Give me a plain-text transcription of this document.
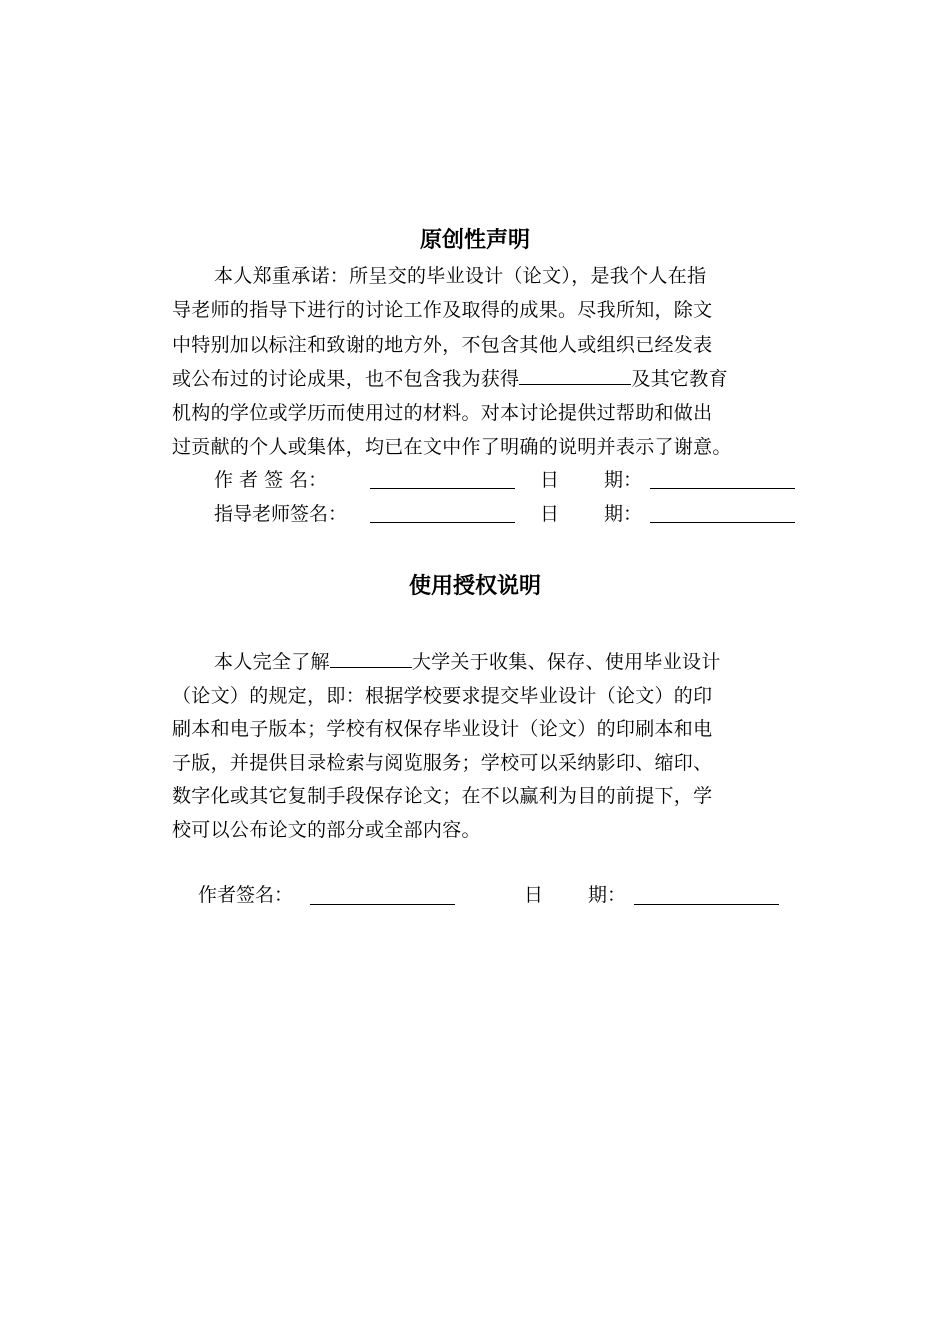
原创性声明

本人郑重承诺：所呈交的毕业设计（论文），是我个人在指

导老师的指导下进行的讨论工作及取得的成果。尽我所知，除文

中特别加以标注和致谢的地方外，不包含其他人或组织已经发表

或公布过的讨论成果，也不包含我为获得	及其它教育

机构的学位或学历而使用过的材料。对本讨论提供过帮助和做出

过贡献的个人或集体，均已在文中作了明确的说明并表示了谢意。

作 者 签 名：	日 期：
指导老师签名：	日 期：
使用授权说明

本人完全了解	大学关于收集、保存、使用毕业设计

（论文）的规定，即：根据学校要求提交毕业设计（论文）的印

刷本和电子版本；学校有权保存毕业设计（论文）的印刷本和电

子版，并提供目录检索与阅览服务；学校可以采纳影印、缩印、

数字化或其它复制手段保存论文；在不以赢利为目的前提下，学

校可以公布论文的部分或全部内容。

作者签名：	日 期：
